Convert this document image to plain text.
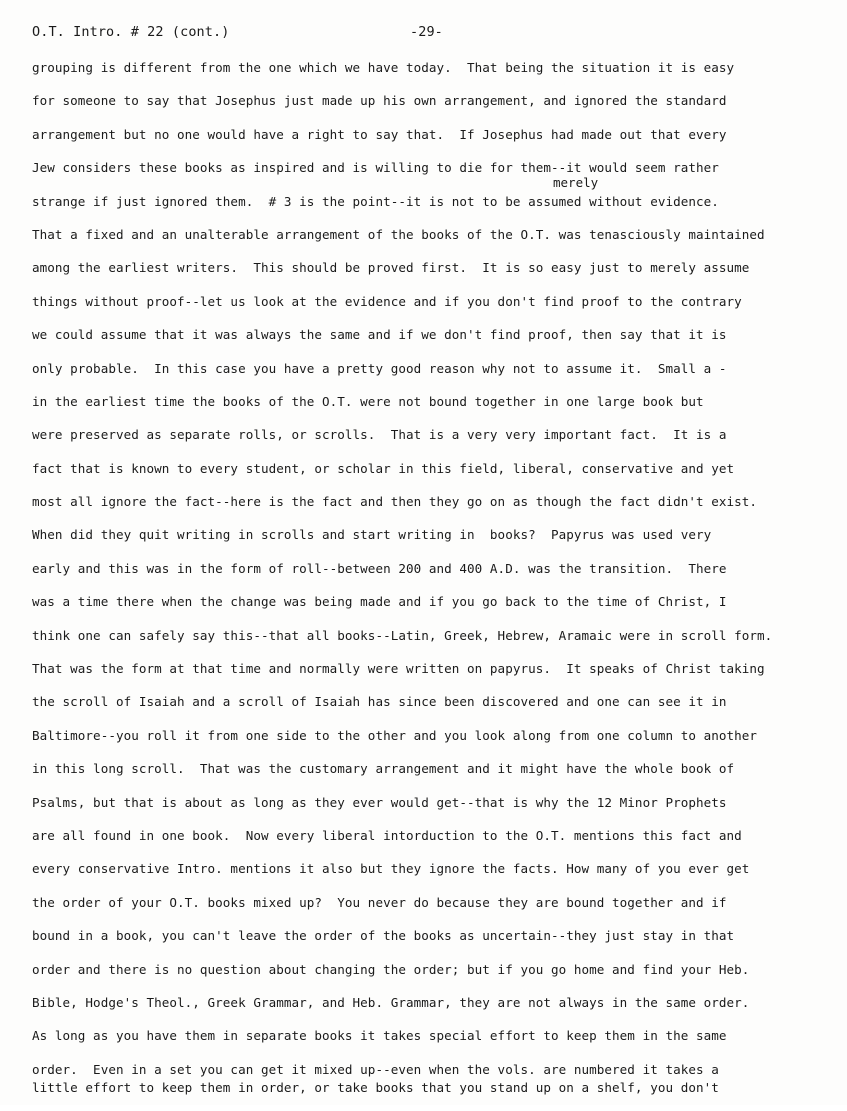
O.T. Intro. # 22 (cont.)	-29-
merely
grouping is different from the one which we have today.  That being the situation it is easy
for someone to say that Josephus just made up his own arrangement, and ignored the standard
arrangement but no one would have a right to say that.  If Josephus had made out that every
Jew considers these books as inspired and is willing to die for them--it would seem rather
strange if just ignored them.  # 3 is the point--it is not to be assumed without evidence.
That a fixed and an unalterable arrangement of the books of the O.T. was tenasciously maintained
among the earliest writers.  This should be proved first.  It is so easy just to merely assume
things without proof--let us look at the evidence and if you don't find proof to the contrary
we could assume that it was always the same and if we don't find proof, then say that it is
only probable.  In this case you have a pretty good reason why not to assume it.  Small a -
in the earliest time the books of the O.T. were not bound together in one large book but
were preserved as separate rolls, or scrolls.  That is a very very important fact.  It is a
fact that is known to every student, or scholar in this field, liberal, conservative and yet
most all ignore the fact--here is the fact and then they go on as though the fact didn't exist.
When did they quit writing in scrolls and start writing in  books?  Papyrus was used very
early and this was in the form of roll--between 200 and 400 A.D. was the transition.  There
was a time there when the change was being made and if you go back to the time of Christ, I
think one can safely say this--that all books--Latin, Greek, Hebrew, Aramaic were in scroll form.
That was the form at that time and normally were written on papyrus.  It speaks of Christ taking
the scroll of Isaiah and a scroll of Isaiah has since been discovered and one can see it in
Baltimore--you roll it from one side to the other and you look along from one column to another
in this long scroll.  That was the customary arrangement and it might have the whole book of
Psalms, but that is about as long as they ever would get--that is why the 12 Minor Prophets
are all found in one book.  Now every liberal intorduction to the O.T. mentions this fact and
every conservative Intro. mentions it also but they ignore the facts. How many of you ever get
the order of your O.T. books mixed up?  You never do because they are bound together and if
bound in a book, you can't leave the order of the books as uncertain--they just stay in that
order and there is no question about changing the order; but if you go home and find your Heb.
Bible, Hodge's Theol., Greek Grammar, and Heb. Grammar, they are not always in the same order.
As long as you have them in separate books it takes special effort to keep them in the same
order.  Even in a set you can get it mixed up--even when the vols. are numbered it takes a
little effort to keep them in order, or take books that you stand up on a shelf, you don't
